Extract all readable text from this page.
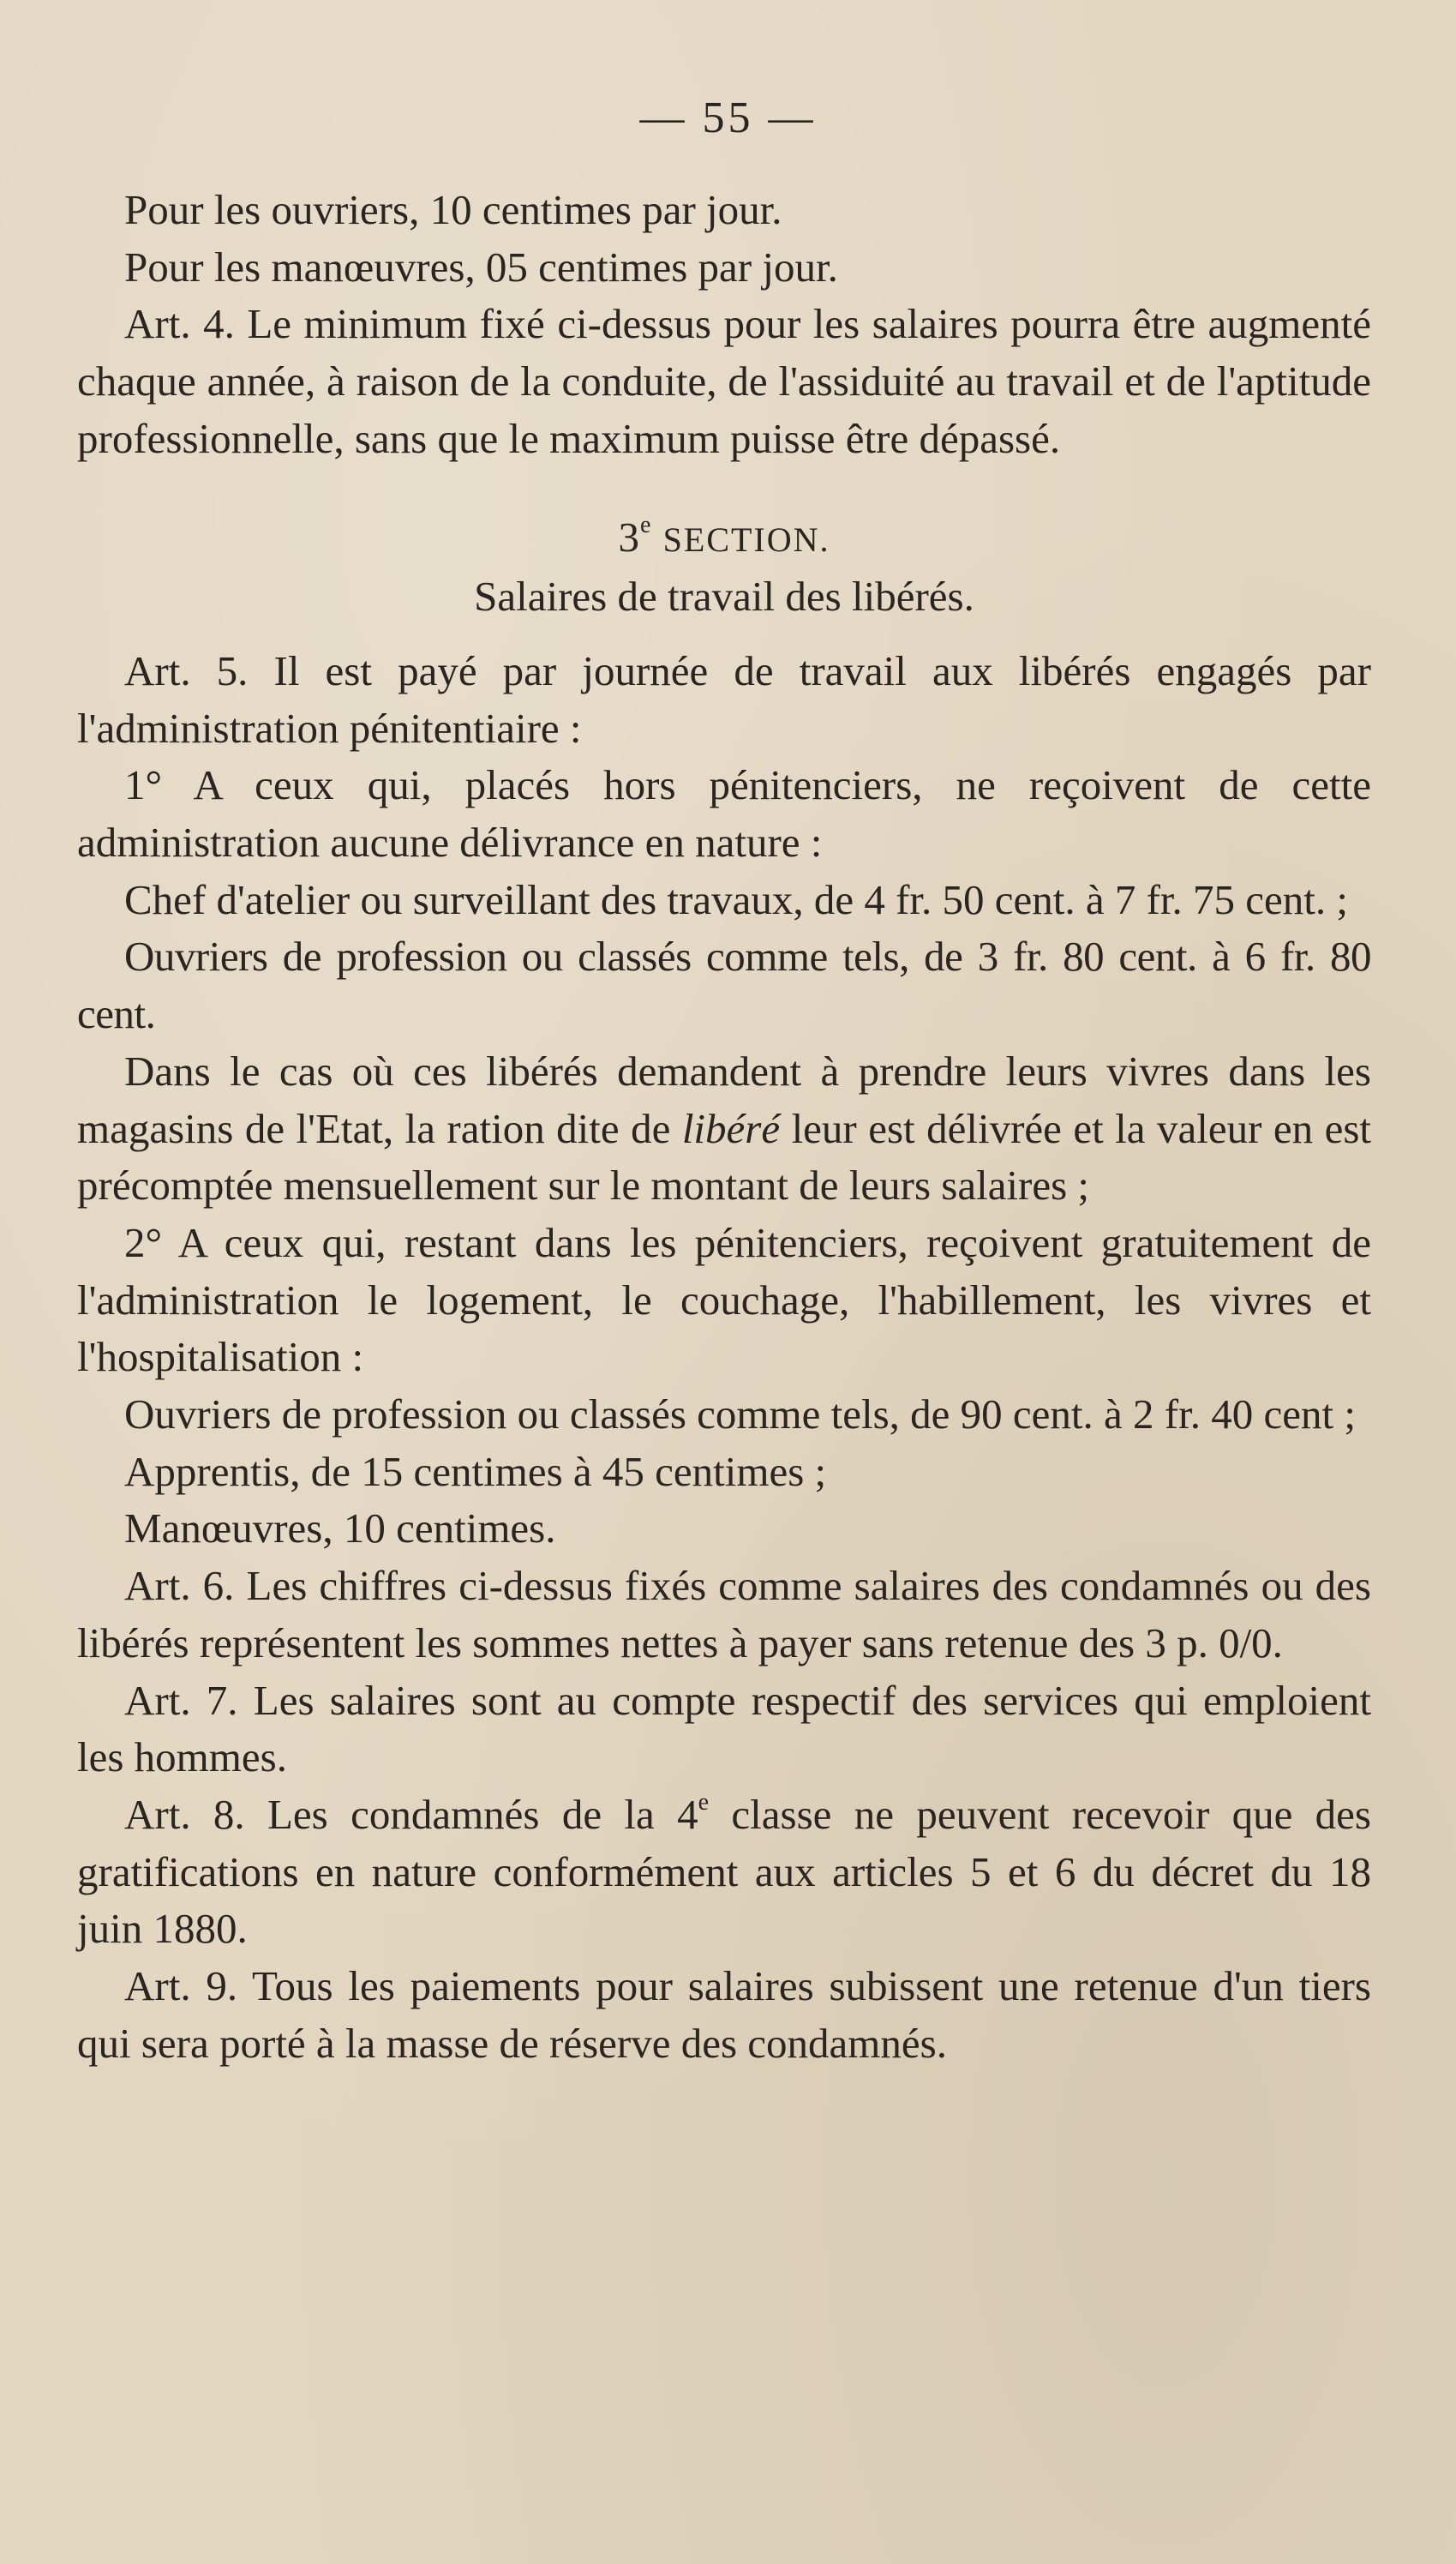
— 55 —

Pour les ouvriers, 10 centimes par jour.

Pour les manœuvres, 05 centimes par jour.

Art. 4. Le minimum fixé ci-dessus pour les salaires pourra être augmenté chaque année, à raison de la conduite, de l'assiduité au travail et de l'aptitude professionnelle, sans que le maximum puisse être dépassé.

3e SECTION.

Salaires de travail des libérés.

Art. 5. Il est payé par journée de travail aux libérés engagés par l'administration pénitentiaire :

1° A ceux qui, placés hors pénitenciers, ne reçoivent de cette administration aucune délivrance en nature :

Chef d'atelier ou surveillant des travaux, de 4 fr. 50 cent. à 7 fr. 75 cent. ;

Ouvriers de profession ou classés comme tels, de 3 fr. 80 cent. à 6 fr. 80 cent.

Dans le cas où ces libérés demandent à prendre leurs vivres dans les magasins de l'Etat, la ration dite de libéré leur est délivrée et la valeur en est précomptée mensuellement sur le montant de leurs salaires ;

2° A ceux qui, restant dans les pénitenciers, reçoivent gratuitement de l'administration le logement, le couchage, l'habillement, les vivres et l'hospitalisation :

Ouvriers de profession ou classés comme tels, de 90 cent. à 2 fr. 40 cent ;

Apprentis, de 15 centimes à 45 centimes ;

Manœuvres, 10 centimes.

Art. 6. Les chiffres ci-dessus fixés comme salaires des condamnés ou des libérés représentent les sommes nettes à payer sans retenue des 3 p. 0/0.

Art. 7. Les salaires sont au compte respectif des services qui emploient les hommes.

Art. 8. Les condamnés de la 4e classe ne peuvent recevoir que des gratifications en nature conformément aux articles 5 et 6 du décret du 18 juin 1880.

Art. 9. Tous les paiements pour salaires subissent une retenue d'un tiers qui sera porté à la masse de réserve des condamnés.
